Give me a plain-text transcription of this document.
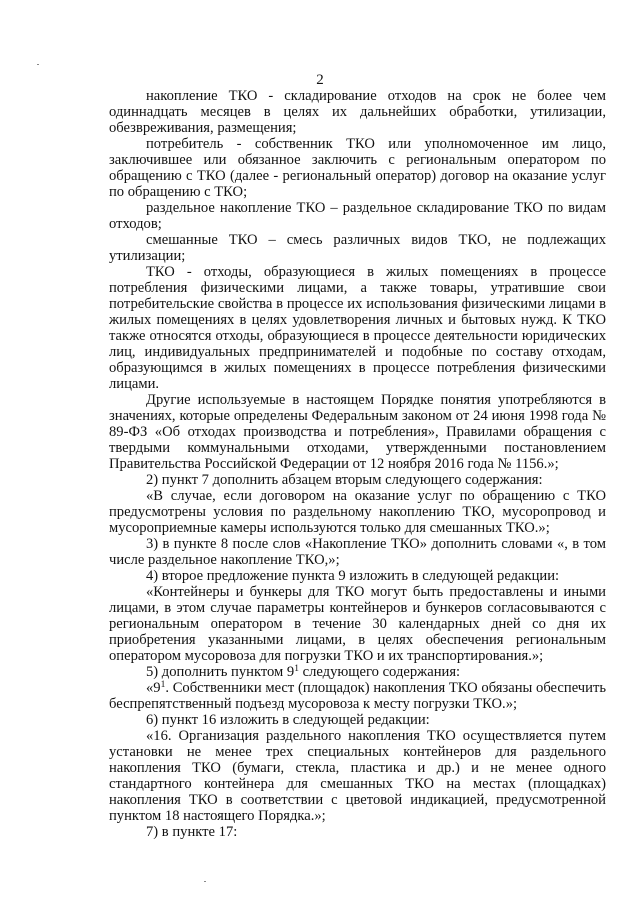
2

накопление ТКО - складирование отходов на срок не более чем одиннадцать месяцев в целях их дальнейших обработки, утилизации, обезвреживания, размещения;

потребитель - собственник ТКО или уполномоченное им лицо, заключившее или обязанное заключить с региональным оператором по обращению с ТКО (далее - региональный оператор) договор на оказание услуг по обращению с ТКО;

раздельное накопление ТКО – раздельное складирование ТКО по видам отходов;

смешанные ТКО – смесь различных видов ТКО, не подлежащих утилизации;

ТКО - отходы, образующиеся в жилых помещениях в процессе потребления физическими лицами, а также товары, утратившие свои потребительские свойства в процессе их использования физическими лицами в жилых помещениях в целях удовлетворения личных и бытовых нужд. К ТКО также относятся отходы, образующиеся в процессе деятельности юридических лиц, индивидуальных предпринимателей и подобные по составу отходам, образующимся в жилых помещениях в процессе потребления физическими лицами.

Другие используемые в настоящем Порядке понятия употребляются в значениях, которые определены Федеральным законом от 24 июня 1998 года № 89-ФЗ «Об отходах производства и потребления», Правилами обращения с твердыми коммунальными отходами, утвержденными постановлением Правительства Российской Федерации от 12 ноября 2016 года № 1156.»;

2) пункт 7 дополнить абзацем вторым следующего содержания:

«В случае, если договором на оказание услуг по обращению с ТКО предусмотрены условия по раздельному накоплению ТКО, мусоропровод и мусороприемные камеры используются только для смешанных ТКО.»;

3) в пункте 8 после слов «Накопление ТКО» дополнить словами «, в том числе раздельное накопление ТКО,»;

4) второе предложение пункта 9 изложить в следующей редакции:

«Контейнеры и бункеры для ТКО могут быть предоставлены и иными лицами, в этом случае параметры контейнеров и бункеров согласовываются с региональным оператором в течение 30 календарных дней со дня их приобретения указанными лицами, в целях обеспечения региональным оператором мусоровоза для погрузки ТКО и их транспортирования.»;

5) дополнить пунктом $9^1$ следующего содержания:

«$9^1$. Собственники мест (площадок) накопления ТКО обязаны обеспечить беспрепятственный подъезд мусоровоза к месту погрузки ТКО.»;

6) пункт 16 изложить в следующей редакции:

«16. Организация раздельного накопления ТКО осуществляется путем установки не менее трех специальных контейнеров для раздельного накопления ТКО (бумаги, стекла, пластика и др.) и не менее одного стандартного контейнера для смешанных ТКО на местах (площадках) накопления ТКО в соответствии с цветовой индикацией, предусмотренной пунктом 18 настоящего Порядка.»;

7) в пункте 17:
